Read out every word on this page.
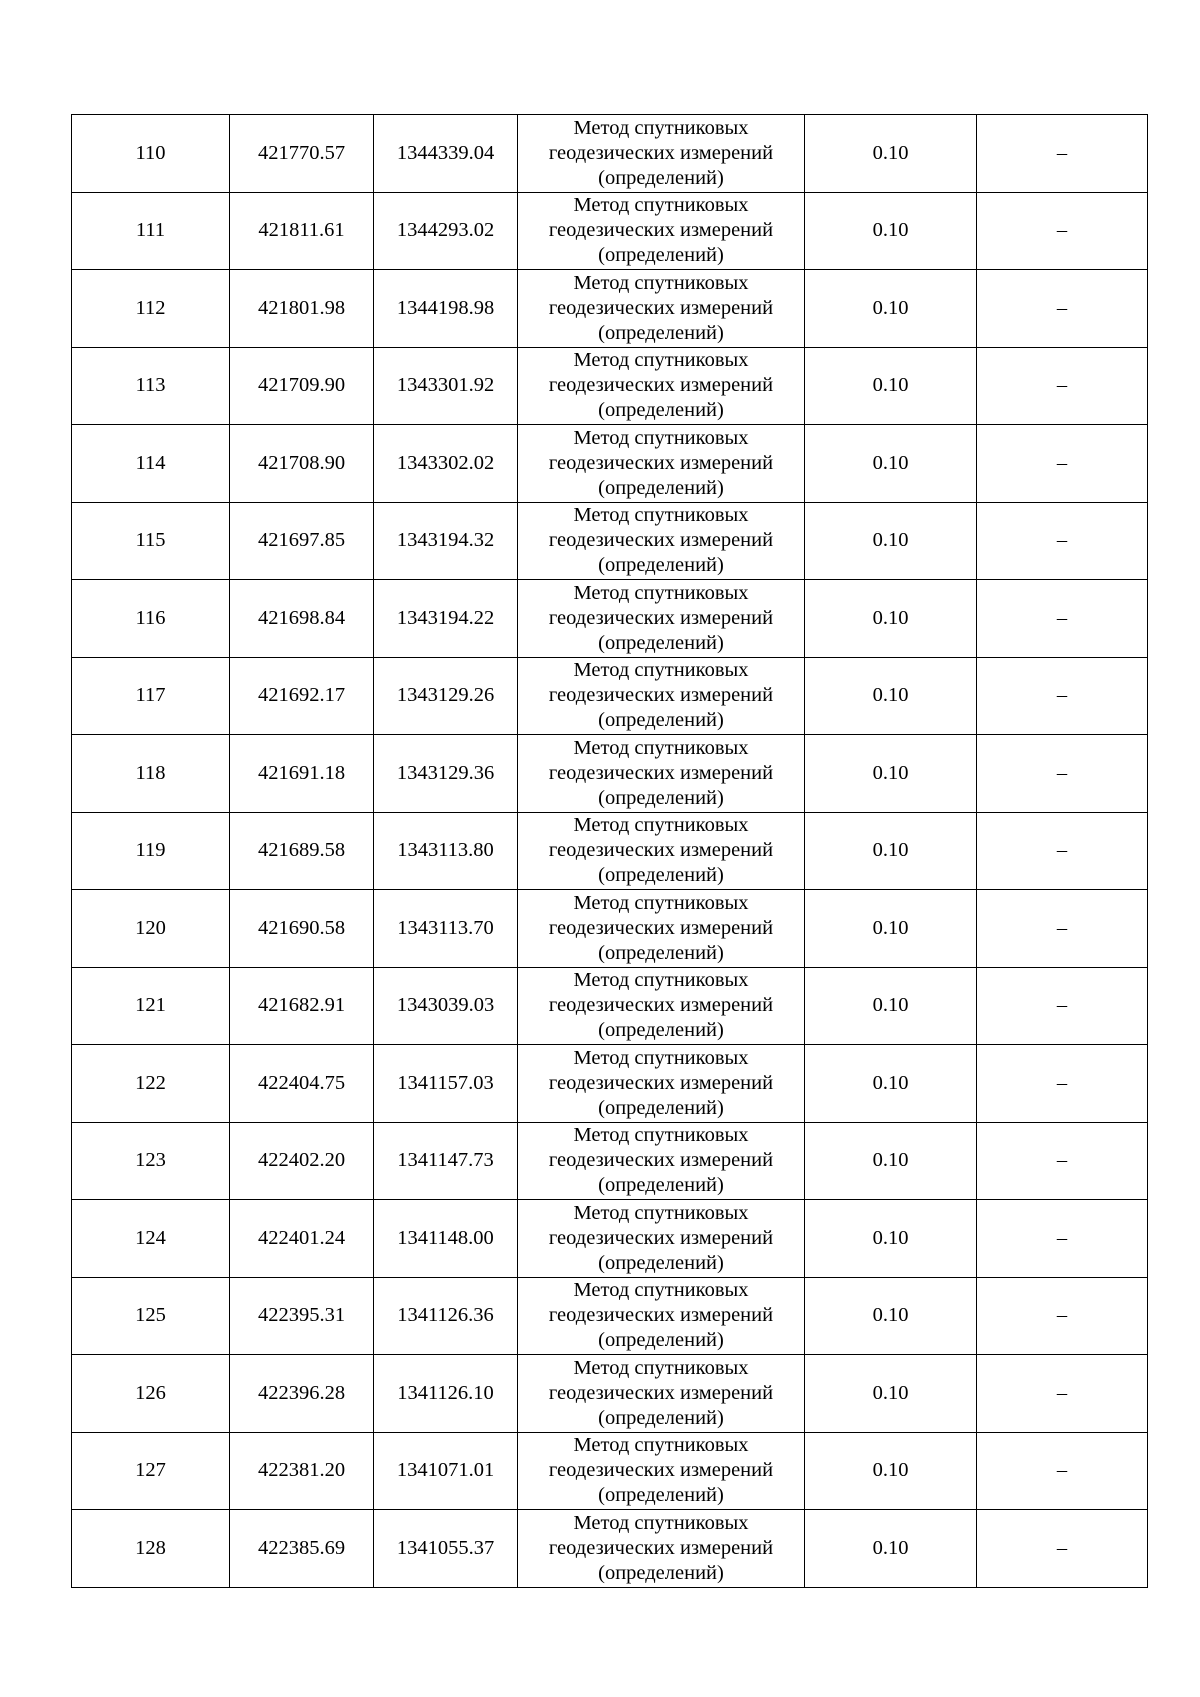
110	421770.57	1344339.04	Метод спутниковых геодезических измерений (определений)	0.10	–
111	421811.61	1344293.02	Метод спутниковых геодезических измерений (определений)	0.10	–
112	421801.98	1344198.98	Метод спутниковых геодезических измерений (определений)	0.10	–
113	421709.90	1343301.92	Метод спутниковых геодезических измерений (определений)	0.10	–
114	421708.90	1343302.02	Метод спутниковых геодезических измерений (определений)	0.10	–
115	421697.85	1343194.32	Метод спутниковых геодезических измерений (определений)	0.10	–
116	421698.84	1343194.22	Метод спутниковых геодезических измерений (определений)	0.10	–
117	421692.17	1343129.26	Метод спутниковых геодезических измерений (определений)	0.10	–
118	421691.18	1343129.36	Метод спутниковых геодезических измерений (определений)	0.10	–
119	421689.58	1343113.80	Метод спутниковых геодезических измерений (определений)	0.10	–
120	421690.58	1343113.70	Метод спутниковых геодезических измерений (определений)	0.10	–
121	421682.91	1343039.03	Метод спутниковых геодезических измерений (определений)	0.10	–
122	422404.75	1341157.03	Метод спутниковых геодезических измерений (определений)	0.10	–
123	422402.20	1341147.73	Метод спутниковых геодезических измерений (определений)	0.10	–
124	422401.24	1341148.00	Метод спутниковых геодезических измерений (определений)	0.10	–
125	422395.31	1341126.36	Метод спутниковых геодезических измерений (определений)	0.10	–
126	422396.28	1341126.10	Метод спутниковых геодезических измерений (определений)	0.10	–
127	422381.20	1341071.01	Метод спутниковых геодезических измерений (определений)	0.10	–
128	422385.69	1341055.37	Метод спутниковых геодезических измерений (определений)	0.10	–
